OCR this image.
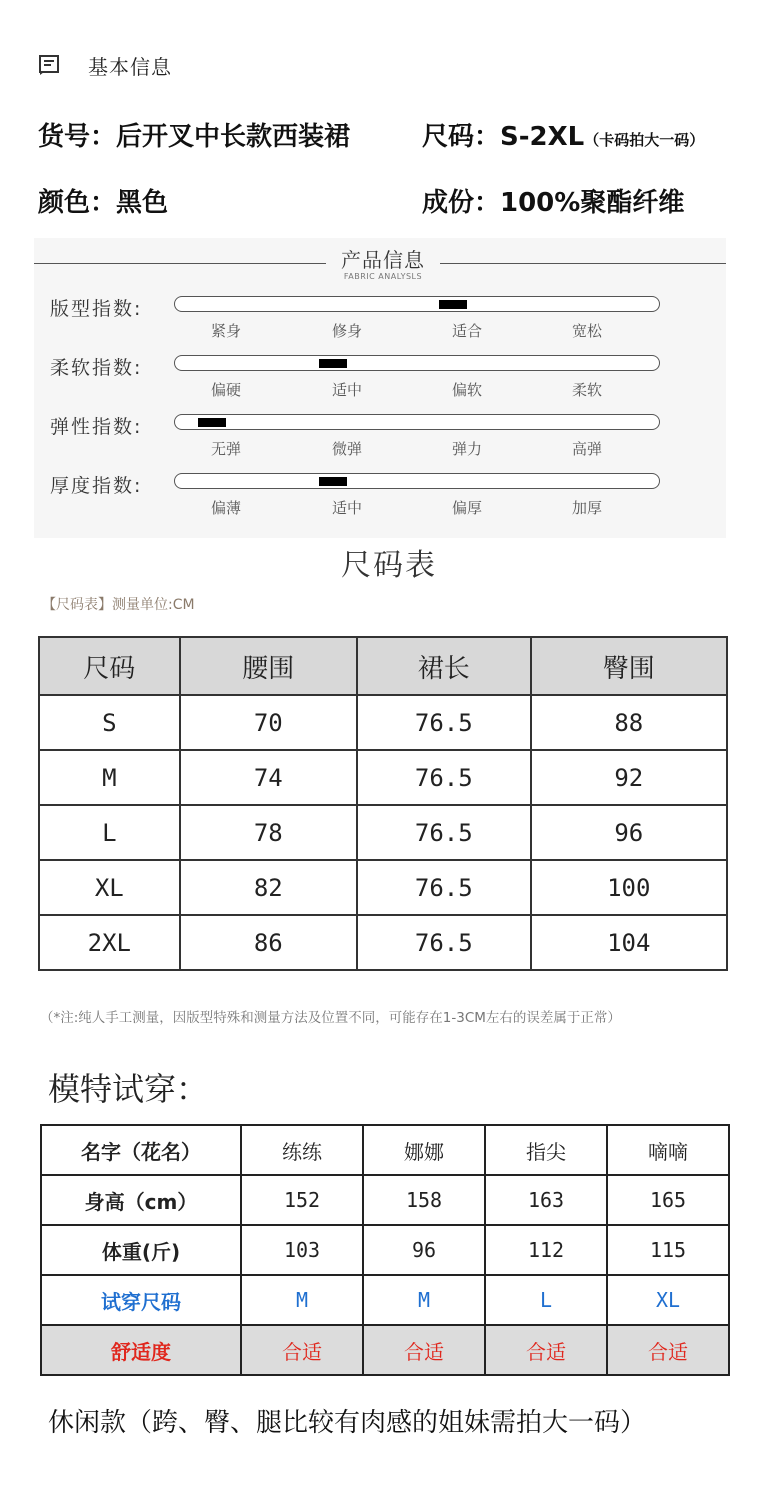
基本信息
货号：后开叉中长款西装裙	尺码：S-2XL（卡码拍大一码）
颜色：黑色	成份：100%聚酯纤维
产品信息
FABRIC ANALYSLS
版型指数:
紧身	修身	适合	宽松
柔软指数:
偏硬	适中	偏软	柔软
弹性指数:
无弹	微弹	弹力	高弹
厚度指数:
偏薄	适中	偏厚	加厚
尺码表
【尺码表】测量单位:CM
尺码	腰围	裙长	臀围
S	70	76.5	88
M	74	76.5	92
L	78	76.5	96
XL	82	76.5	100
2XL	86	76.5	104
（*注:纯人手工测量，因版型特殊和测量方法及位置不同，可能存在1-3CM左右的误差属于正常）
模特试穿：
名字（花名）	练练	娜娜	指尖	嘀嘀
身高（cm）	152	158	163	165
体重(斤)	103	96	112	115
试穿尺码	M	M	L	XL
舒适度	合适	合适	合适	合适
休闲款（跨、臀、腿比较有肉感的姐妹需拍大一码）
